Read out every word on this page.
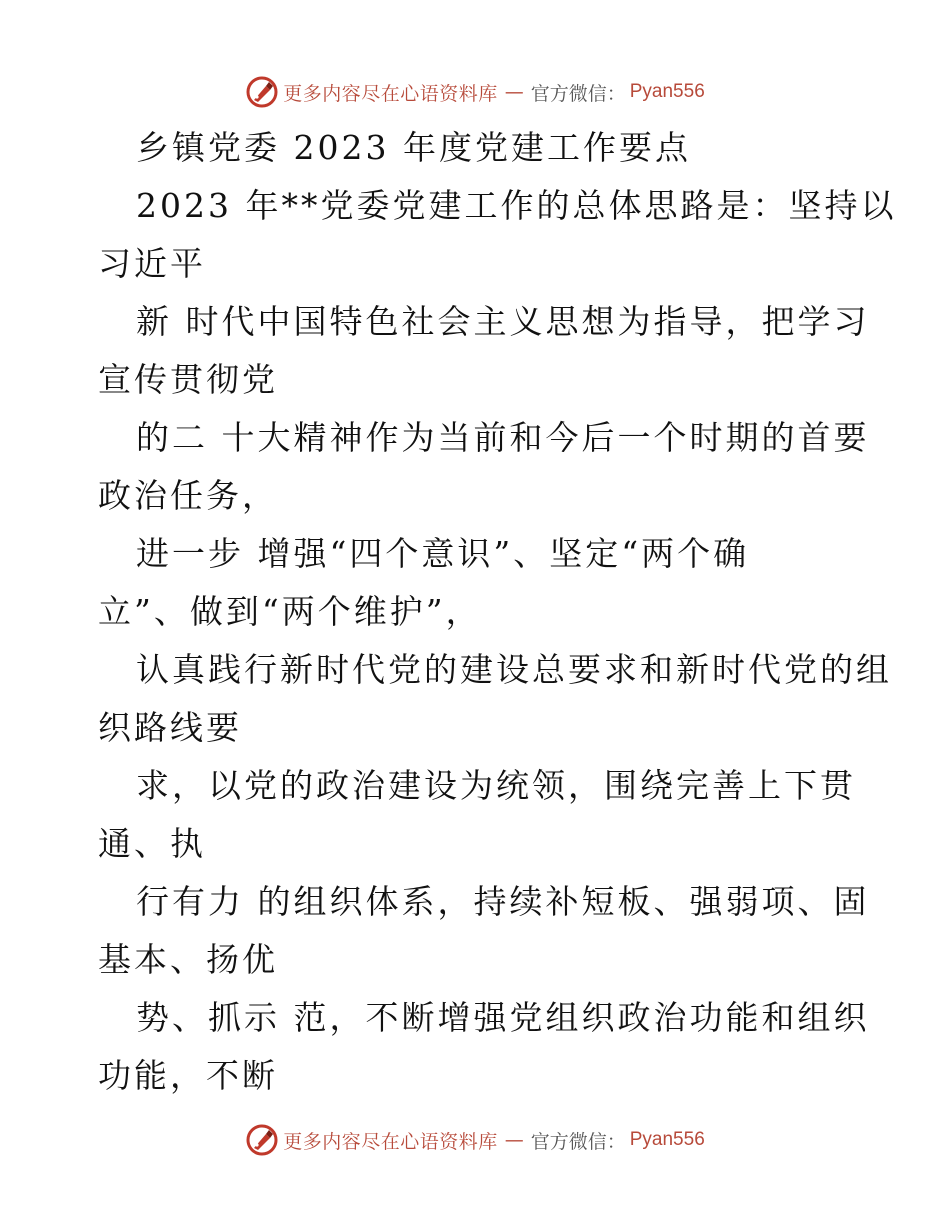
更多内容尽在心语资料库 — 官方微信： Pyan556
乡镇党委 2023 年度党建工作要点
2023 年**党委党建工作的总体思路是：坚持以
习近平
新 时代中国特色社会主义思想为指导，把学习
宣传贯彻党
的二 十大精神作为当前和今后一个时期的首要
政治任务，
进一步 增强“四个意识”、坚定“两个确
立”、做到“两个维护”，
认真践行新时代党的建设总要求和新时代党的组
织路线要
求，以党的政治建设为统领，围绕完善上下贯
通、执
行有力 的组织体系，持续补短板、强弱项、固
基本、扬优
势、抓示 范，不断增强党组织政治功能和组织
功能，不断
更多内容尽在心语资料库 — 官方微信： Pyan556
